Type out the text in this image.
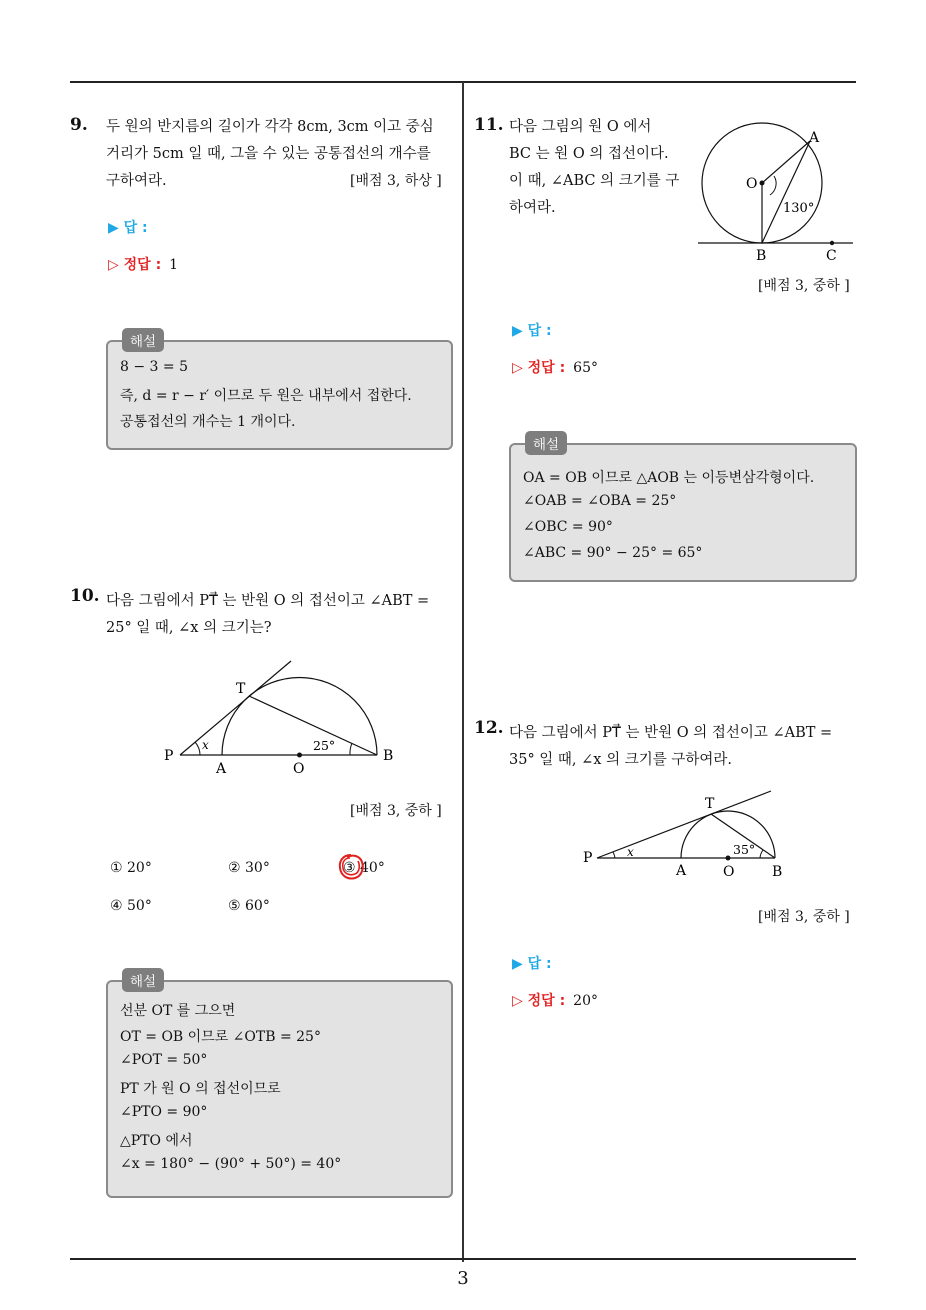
9. 두 원의 반지름의 길이가 각각 8cm, 3cm 이고 중심
거리가 5cm 일 때, 그을 수 있는 공통접선의 개수를
구하여라.	[배점 3, 하상 ]
▶ 답 :
▷ 정답 : 1
해설
8 − 3 = 5
즉, d = r − r′ 이므로 두 원은 내부에서 접한다.
공통접선의 개수는 1 개이다.
10. 다음 그림에서 PT⃗ 는 반원 O 의 접선이고 ∠ABT =
25° 일 때, ∠x 의 크기는?
T
P
x	25°
A	O
B
[배점 3, 중하 ]
① 20°	② 30°	③ 40°
④ 50°	⑤ 60°
해설
선분 OT 를 그으면
OT = OB 이므로 ∠OTB = 25°
∠POT = 50°
PT 가 원 O 의 접선이므로
∠PTO = 90°
△PTO 에서
∠x = 180° − (90° + 50°) = 40°
11. 다음 그림의 원 O 에서
BC 는 원 O 의 접선이다.
이 때, ∠ABC 의 크기를 구
하여라.
A
O
130°
B	C
[배점 3, 중하 ]
▶ 답 :
▷ 정답 : 65°
해설
OA = OB 이므로 △AOB 는 이등변삼각형이다.
∠OAB = ∠OBA = 25°
∠OBC = 90°
∠ABC = 90° − 25° = 65°
12. 다음 그림에서 PT⃗ 는 반원 O 의 접선이고 ∠ABT =
35° 일 때, ∠x 의 크기를 구하여라.
T
P	x	35°
A	O	B
[배점 3, 중하 ]
▶ 답 :
▷ 정답 : 20°
3
